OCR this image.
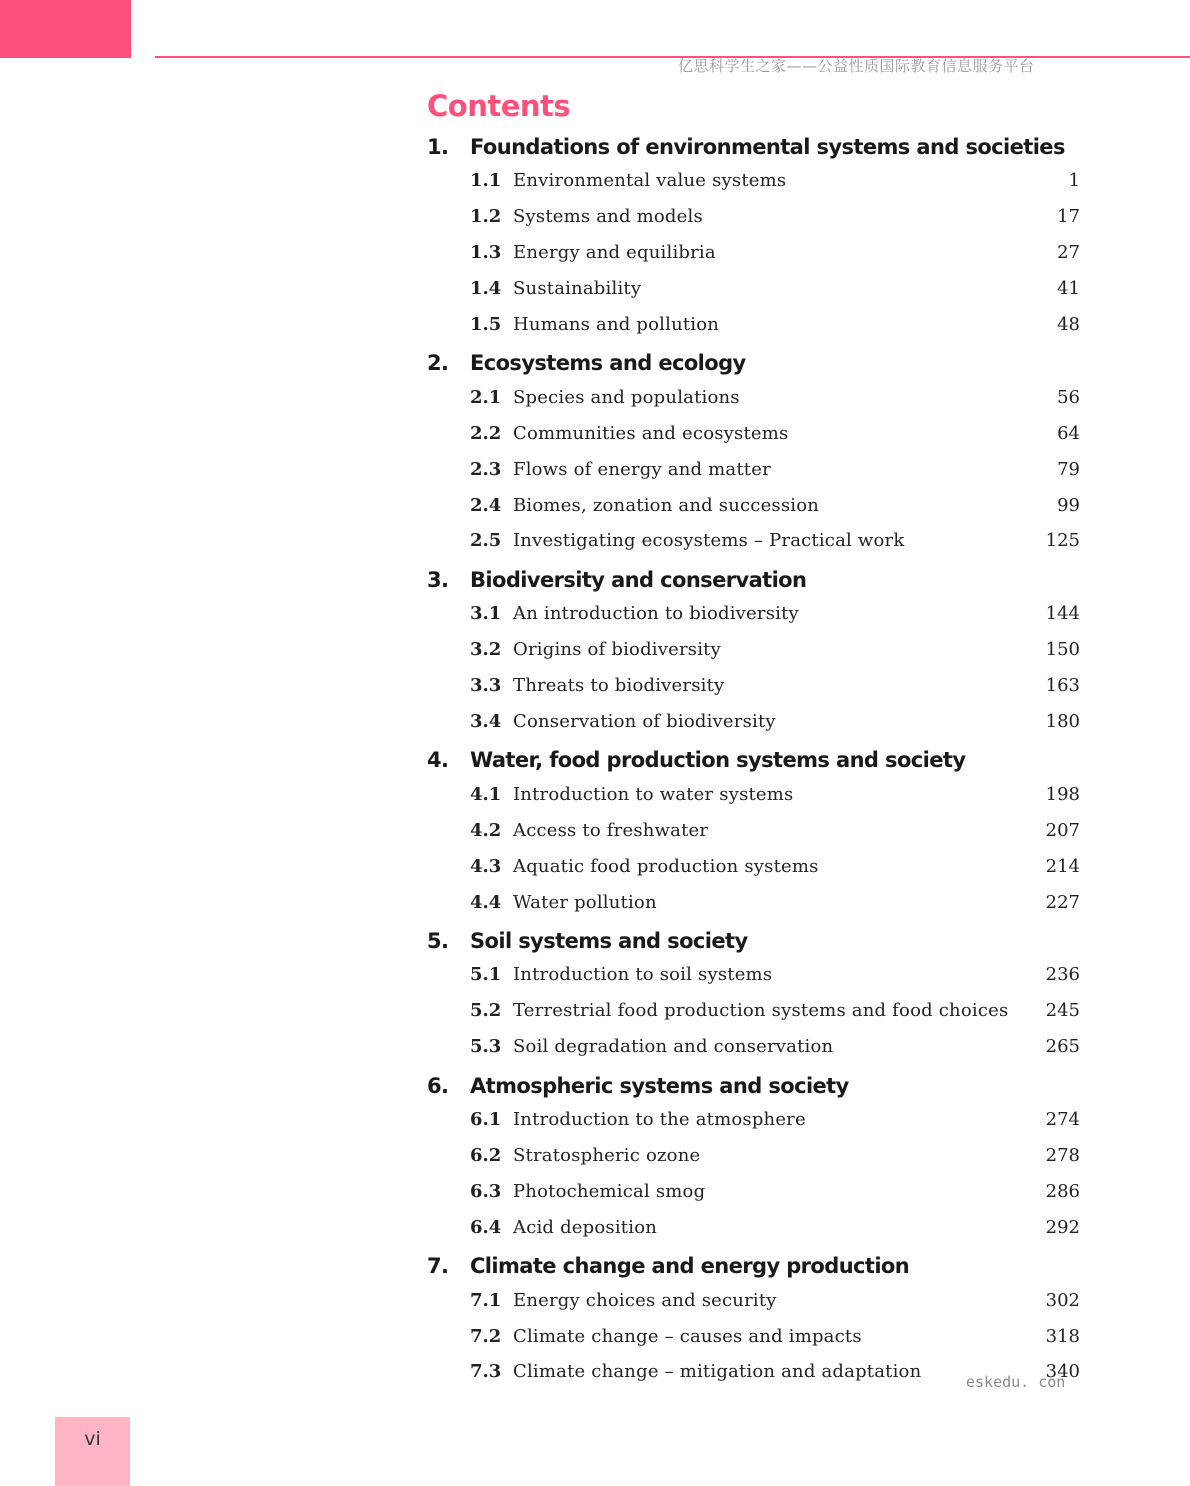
亿思科学生之家——公益性质国际教育信息服务平台
Contents
1.	Foundations of environmental systems and societies
1.1 Environmental value systems	1
1.2 Systems and models	17
1.3 Energy and equilibria	27
1.4 Sustainability	41
1.5 Humans and pollution	48
2.	Ecosystems and ecology
2.1 Species and populations	56
2.2 Communities and ecosystems	64
2.3 Flows of energy and matter	79
2.4 Biomes, zonation and succession	99
2.5 Investigating ecosystems – Practical work	125
3.	Biodiversity and conservation
3.1 An introduction to biodiversity	144
3.2 Origins of biodiversity	150
3.3 Threats to biodiversity	163
3.4 Conservation of biodiversity	180
4.	Water, food production systems and society
4.1 Introduction to water systems	198
4.2 Access to freshwater	207
4.3 Aquatic food production systems	214
4.4 Water pollution	227
5.	Soil systems and society
5.1 Introduction to soil systems	236
5.2 Terrestrial food production systems and food choices	245
5.3 Soil degradation and conservation	265
6.	Atmospheric systems and society
6.1 Introduction to the atmosphere	274
6.2 Stratospheric ozone	278
6.3 Photochemical smog	286
6.4 Acid deposition	292
7.	Climate change and energy production
7.1 Energy choices and security	302
7.2 Climate change – causes and impacts	318
7.3 Climate change – mitigation and adaptation	340
eskedu. con
vi
